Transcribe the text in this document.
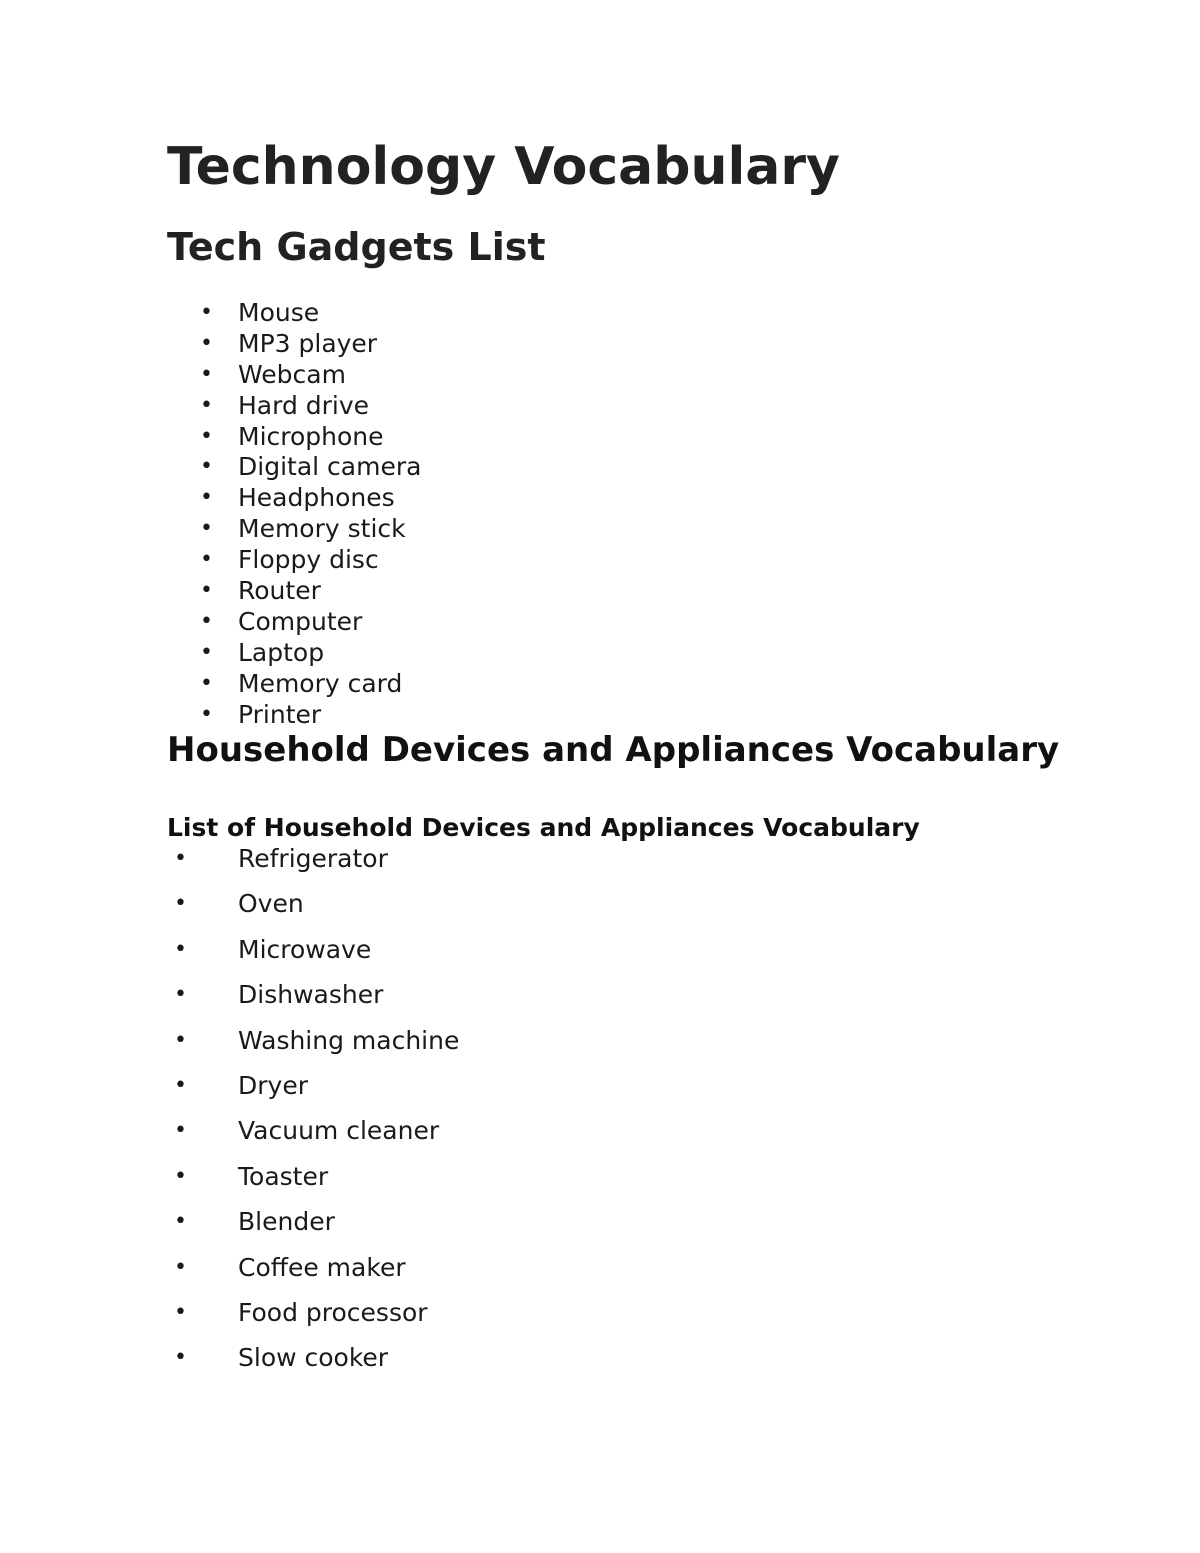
Technology Vocabulary
Tech Gadgets List
• Mouse
• MP3 player
• Webcam
• Hard drive
• Microphone
• Digital camera
• Headphones
• Memory stick
• Floppy disc
• Router
• Computer
• Laptop
• Memory card
• Printer
Household Devices and Appliances Vocabulary
List of Household Devices and Appliances Vocabulary
• Refrigerator
• Oven
• Microwave
• Dishwasher
• Washing machine
• Dryer
• Vacuum cleaner
• Toaster
• Blender
• Coffee maker
• Food processor
• Slow cooker
